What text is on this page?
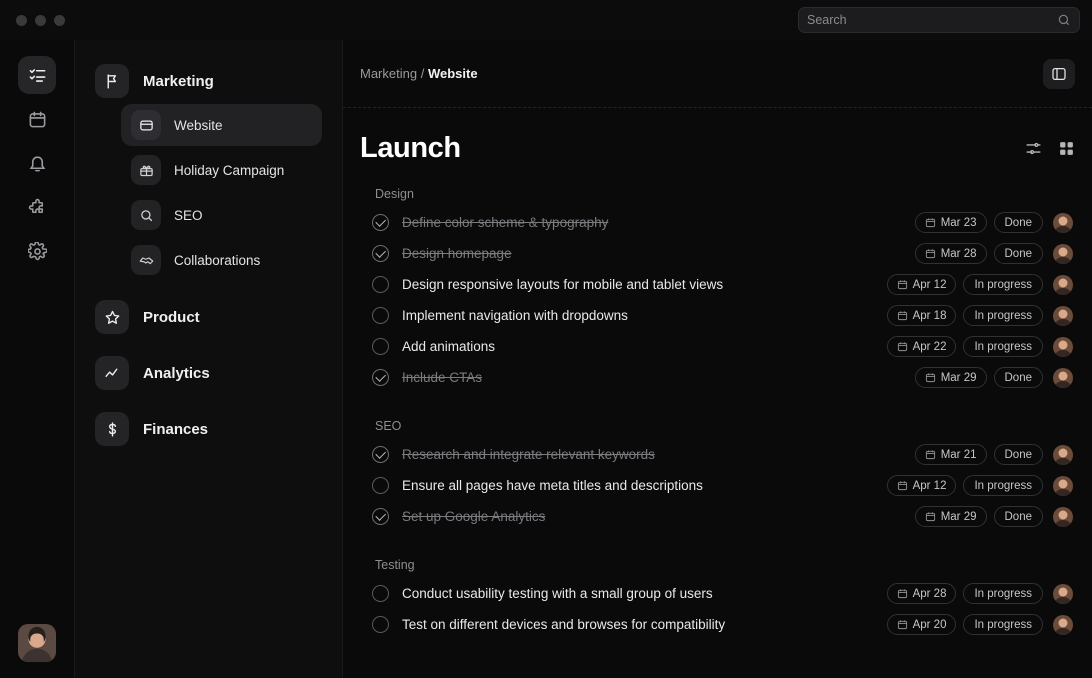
Search
Marketing
Website
Holiday Campaign
SEO
Collaborations
Product
Analytics
Finances
Marketing / Website
Launch
Design
Define color scheme & typography	Mar 23	Done
Design homepage	Mar 28	Done
Design responsive layouts for mobile and tablet views	Apr 12	In progress
Implement navigation with dropdowns	Apr 18	In progress
Add animations	Apr 22	In progress
Include CTAs	Mar 29	Done
SEO
Research and integrate relevant keywords	Mar 21	Done
Ensure all pages have meta titles and descriptions	Apr 12	In progress
Set up Google Analytics	Mar 29	Done
Testing
Conduct usability testing with a small group of users	Apr 28	In progress
Test on different devices and browses for compatibility	Apr 20	In progress
